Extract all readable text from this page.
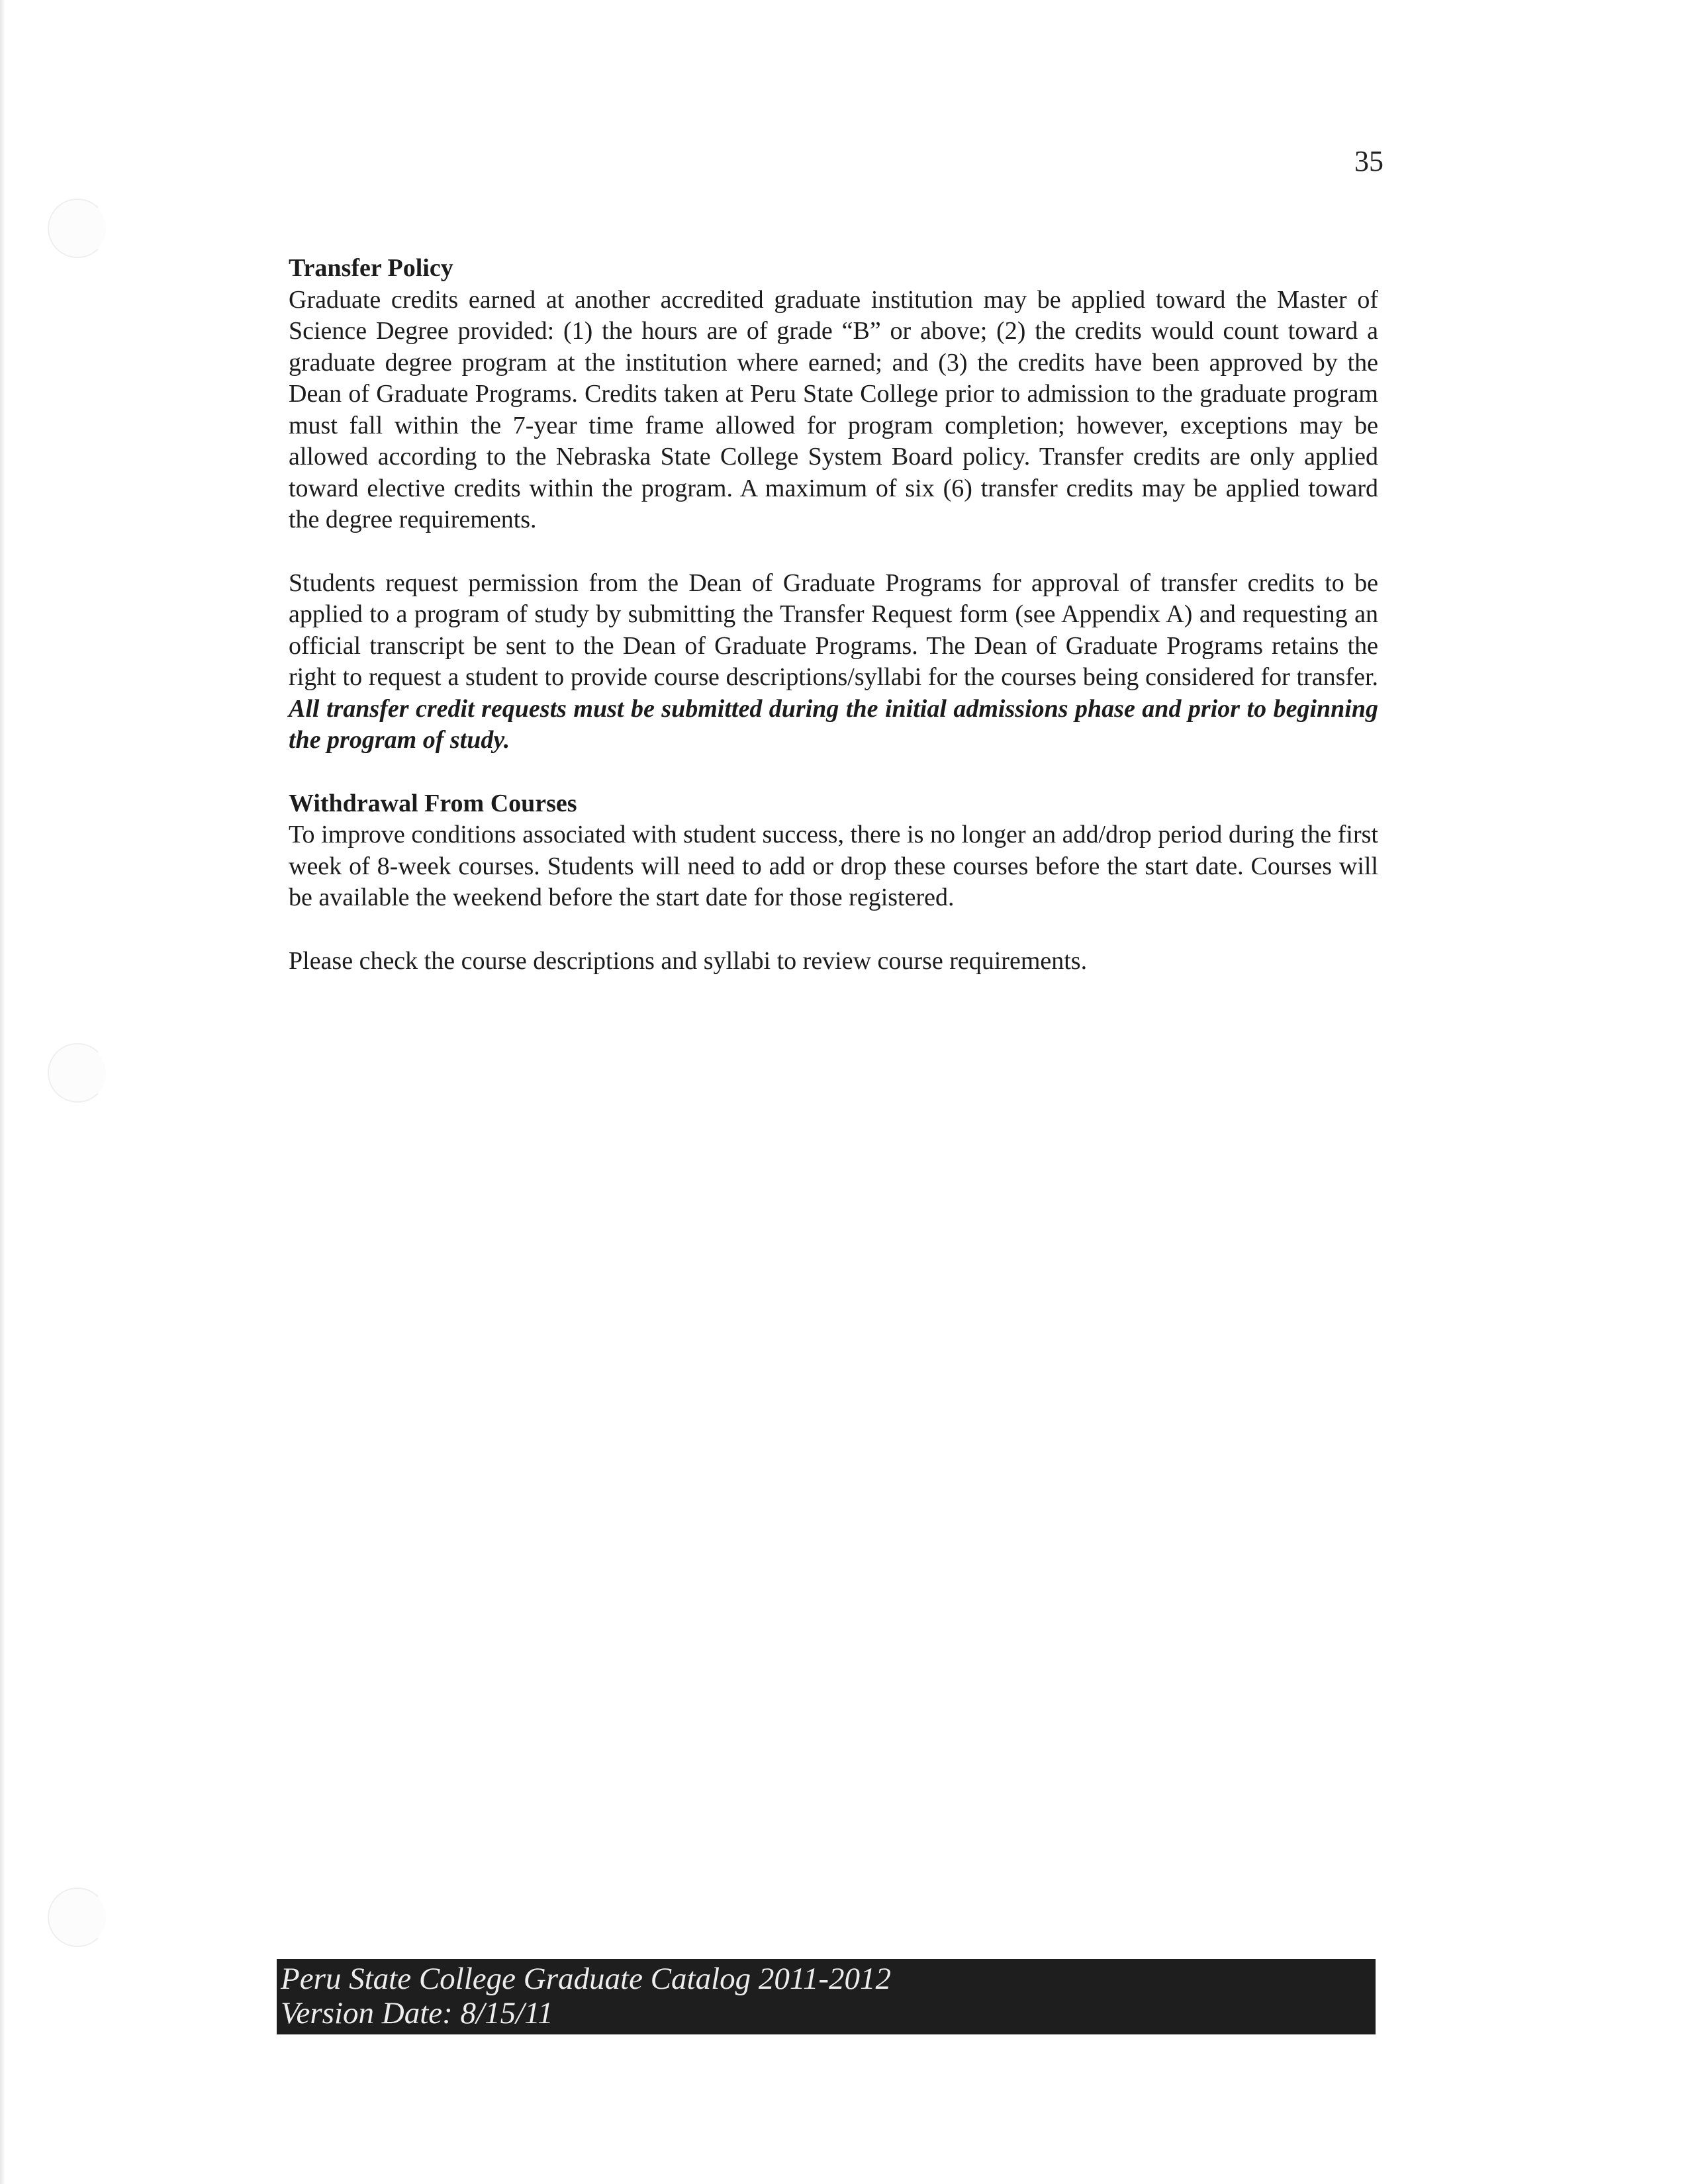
35
Transfer Policy

Graduate credits earned at another accredited graduate institution may be applied toward the Master of Science Degree provided: (1) the hours are of grade “B” or above; (2) the credits would count toward a graduate degree program at the institution where earned; and (3) the credits have been approved by the Dean of Graduate Programs. Credits taken at Peru State College prior to admission to the graduate program must fall within the 7-year time frame allowed for program completion; however, exceptions may be allowed according to the Nebraska State College System Board policy. Transfer credits are only applied toward elective credits within the program. A maximum of six (6) transfer credits may be applied toward the degree requirements.

Students request permission from the Dean of Graduate Programs for approval of transfer credits to be applied to a program of study by submitting the Transfer Request form (see Appendix A) and requesting an official transcript be sent to the Dean of Graduate Programs. The Dean of Graduate Programs retains the right to request a student to provide course descriptions/syllabi for the courses being considered for transfer. All transfer credit requests must be submitted during the initial admissions phase and prior to beginning the program of study.

Withdrawal From Courses

To improve conditions associated with student success, there is no longer an add/drop period during the first week of 8-week courses. Students will need to add or drop these courses before the start date. Courses will be available the weekend before the start date for those registered.

Please check the course descriptions and syllabi to review course requirements.

Peru State College Graduate Catalog 2011-2012
Version Date: 8/15/11
